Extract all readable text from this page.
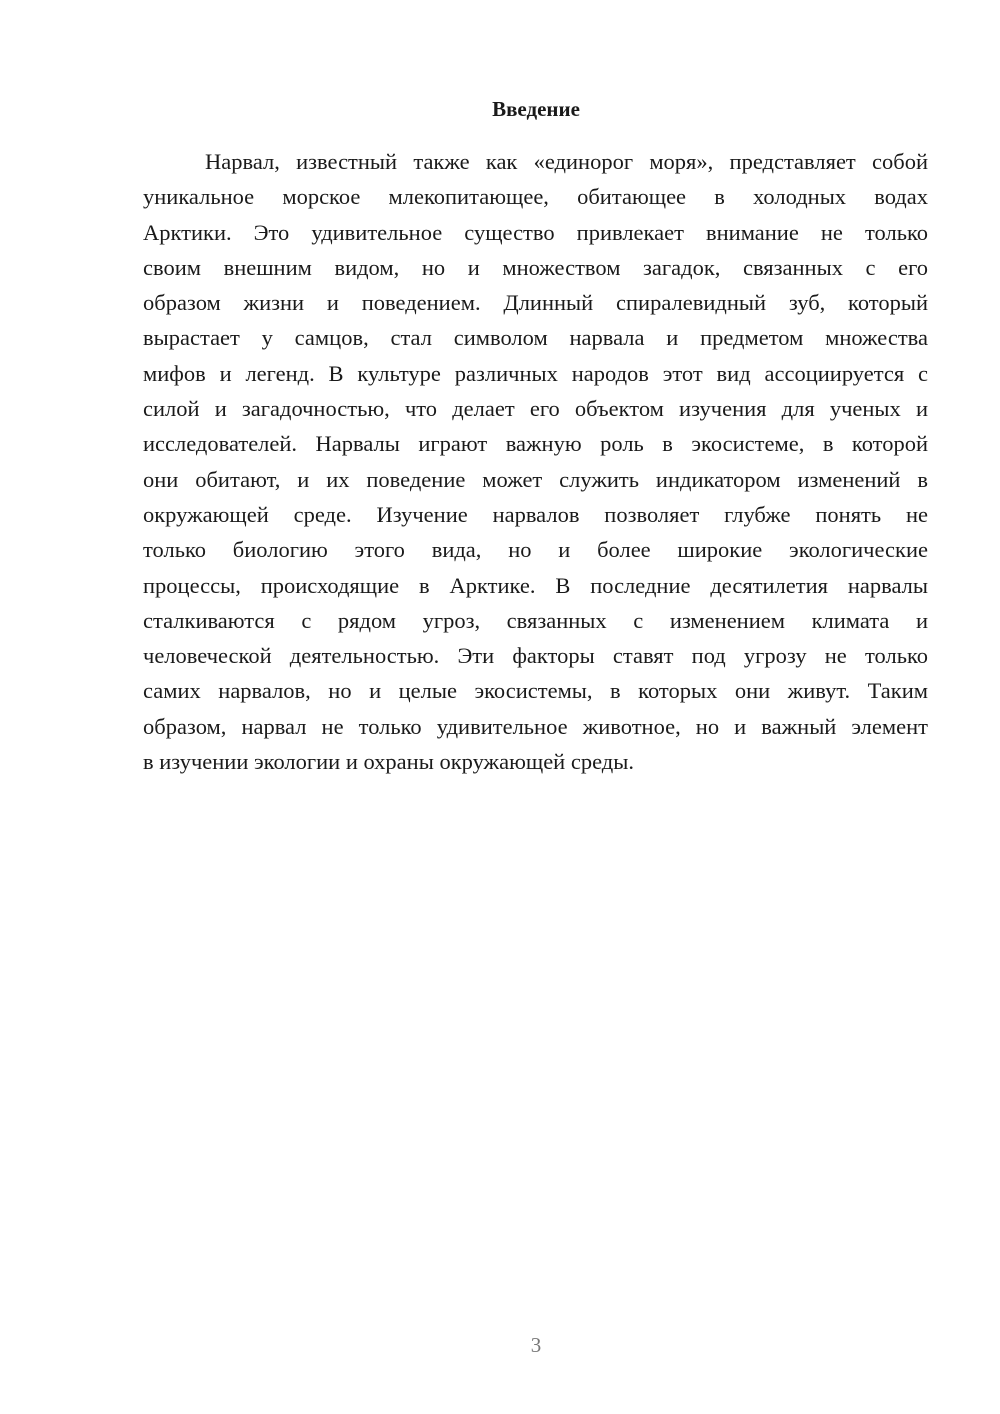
Введение
Нарвал, известный также как «единорог моря», представляет собой
уникальное морское млекопитающее, обитающее в холодных водах
Арктики. Это удивительное существо привлекает внимание не только
своим внешним видом, но и множеством загадок, связанных с его
образом жизни и поведением. Длинный спиралевидный зуб, который
вырастает у самцов, стал символом нарвала и предметом множества
мифов и легенд. В культуре различных народов этот вид ассоциируется с
силой и загадочностью, что делает его объектом изучения для ученых и
исследователей. Нарвалы играют важную роль в экосистеме, в которой
они обитают, и их поведение может служить индикатором изменений в
окружающей среде. Изучение нарвалов позволяет глубже понять не
только биологию этого вида, но и более широкие экологические
процессы, происходящие в Арктике. В последние десятилетия нарвалы
сталкиваются с рядом угроз, связанных с изменением климата и
человеческой деятельностью. Эти факторы ставят под угрозу не только
самих нарвалов, но и целые экосистемы, в которых они живут. Таким
образом, нарвал не только удивительное животное, но и важный элемент
в изучении экологии и охраны окружающей среды.
3
